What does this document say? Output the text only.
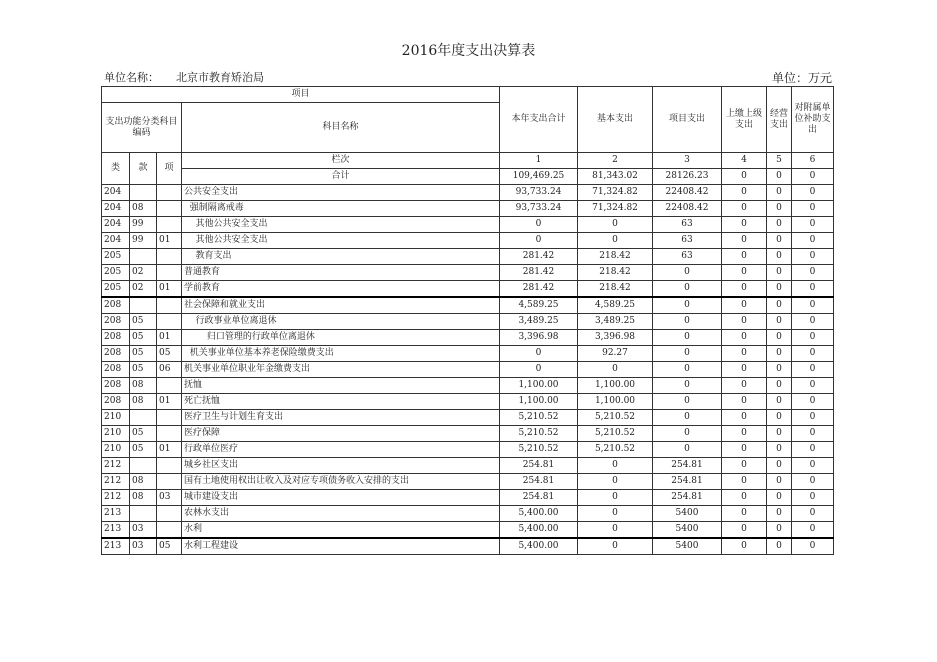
2016年度支出决算表
单位名称： 北京市教育矫治局	单位：万元
项目				本年支出合计	基本支出	项目支出	上缴上级支出	经营支出	对附属单位补助支出
支出功能分类科目编码			科目名称						
类	款	项	栏次	1	2	3	4	5	6
			合计	109,469.25	81,343.02	28126.23	0	0	0
204			公共安全支出	93,733.24	71,324.82	22408.42	0	0	0
204	08		强制隔离戒毒	93,733.24	71,324.82	22408.42	0	0	0
204	99		其他公共安全支出	0	0	63	0	0	0
204	99	01	其他公共安全支出	0	0	63	0	0	0
205			教育支出	281.42	218.42	63	0	0	0
205	02		普通教育	281.42	218.42	0	0	0	0
205	02	01	学前教育	281.42	218.42	0	0	0	0
208			社会保障和就业支出	4,589.25	4,589.25	0	0	0	0
208	05		行政事业单位离退休	3,489.25	3,489.25	0	0	0	0
208	05	01	归口管理的行政单位离退休	3,396.98	3,396.98	0	0	0	0
208	05	05	机关事业单位基本养老保险缴费支出	0	92.27	0	0	0	0
208	05	06	机关事业单位职业年金缴费支出	0	0	0	0	0	0
208	08		抚恤	1,100.00	1,100.00	0	0	0	0
208	08	01	死亡抚恤	1,100.00	1,100.00	0	0	0	0
210			医疗卫生与计划生育支出	5,210.52	5,210.52	0	0	0	0
210	05		医疗保障	5,210.52	5,210.52	0	0	0	0
210	05	01	行政单位医疗	5,210.52	5,210.52	0	0	0	0
212			城乡社区支出	254.81	0	254.81	0	0	0
212	08		国有土地使用权出让收入及对应专项债务收入安排的支出	254.81	0	254.81	0	0	0
212	08	03	城市建设支出	254.81	0	254.81	0	0	0
213			农林水支出	5,400.00	0	5400	0	0	0
213	03		水利	5,400.00	0	5400	0	0	0
213	03	05	水利工程建设	5,400.00	0	5400	0	0	0
